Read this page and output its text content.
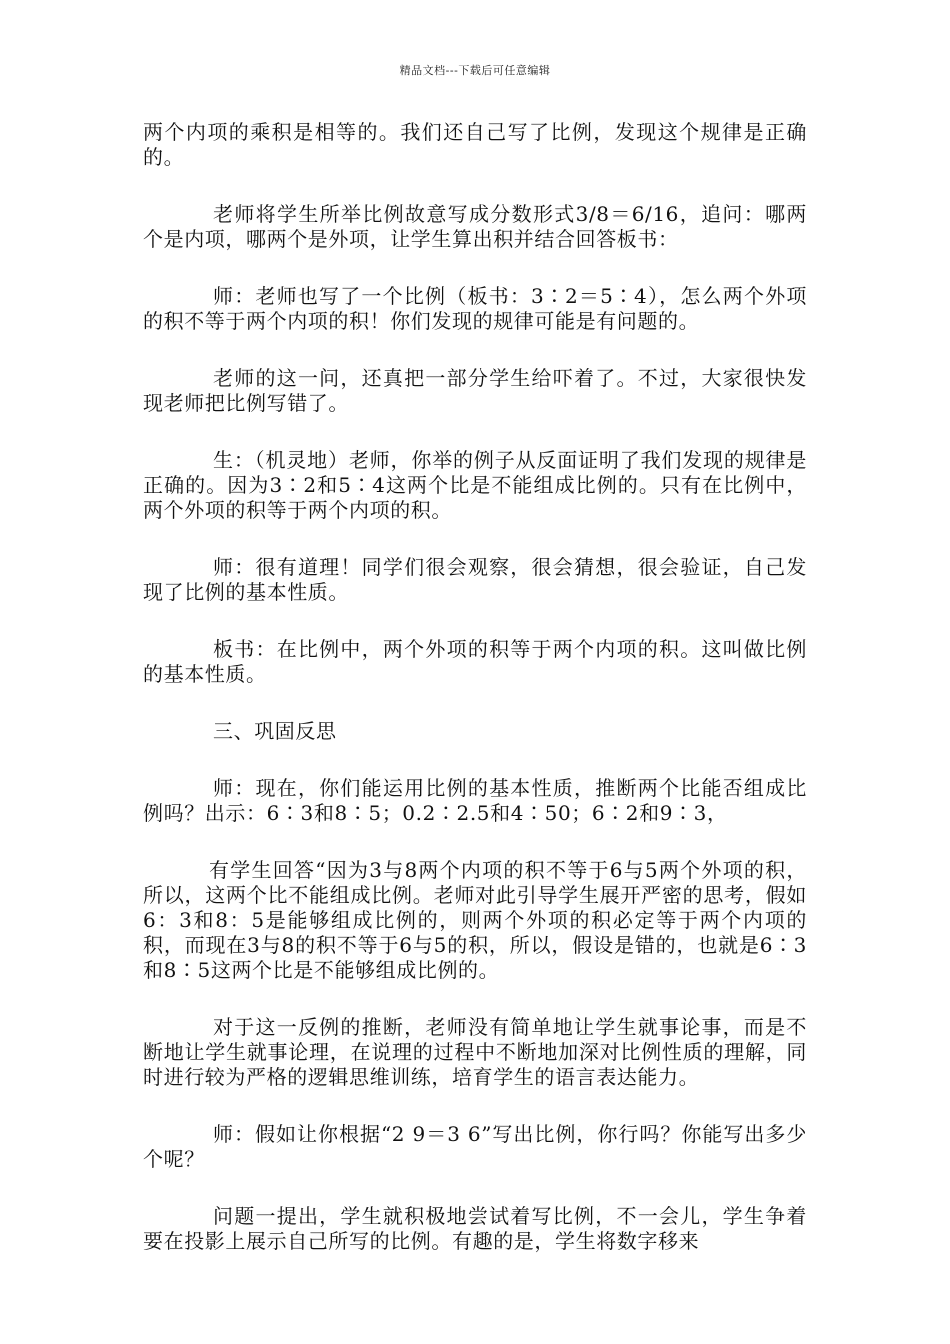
精品文档---下载后可任意编辑

两个内项的乘积是相等的。我们还自己写了比例，发现这个规律是正确的。

老师将学生所举比例故意写成分数形式3/8＝6/16，追问：哪两个是内项，哪两个是外项，让学生算出积并结合回答板书：

师：老师也写了一个比例（板书：3∶2＝5∶4），怎么两个外项的积不等于两个内项的积！你们发现的规律可能是有问题的。

老师的这一问，还真把一部分学生给吓着了。不过，大家很快发现老师把比例写错了。

生：（机灵地）老师，你举的例子从反面证明了我们发现的规律是正确的。因为3∶2和5∶4这两个比是不能组成比例的。只有在比例中，两个外项的积等于两个内项的积。

师：很有道理！同学们很会观察，很会猜想，很会验证，自己发现了比例的基本性质。

板书：在比例中，两个外项的积等于两个内项的积。这叫做比例的基本性质。

三、巩固反思

师：现在，你们能运用比例的基本性质，推断两个比能否组成比例吗？出示：6∶3和8∶5；0.2∶2.5和4∶50；6∶2和9∶3，

有学生回答“因为3与8两个内项的积不等于6与5两个外项的积，所以，这两个比不能组成比例。老师对此引导学生展开严密的思考，假如6：3和8：5是能够组成比例的，则两个外项的积必定等于两个内项的积，而现在3与8的积不等于6与5的积，所以，假设是错的，也就是6∶3和8∶5这两个比是不能够组成比例的。

对于这一反例的推断，老师没有简单地让学生就事论事，而是不断地让学生就事论理，在说理的过程中不断地加深对比例性质的理解，同时进行较为严格的逻辑思维训练，培育学生的语言表达能力。

师：假如让你根据“2 9＝3 6”写出比例，你行吗？你能写出多少个呢？

问题一提出，学生就积极地尝试着写比例，不一会儿，学生争着要在投影上展示自己所写的比例。有趣的是，学生将数字移来
